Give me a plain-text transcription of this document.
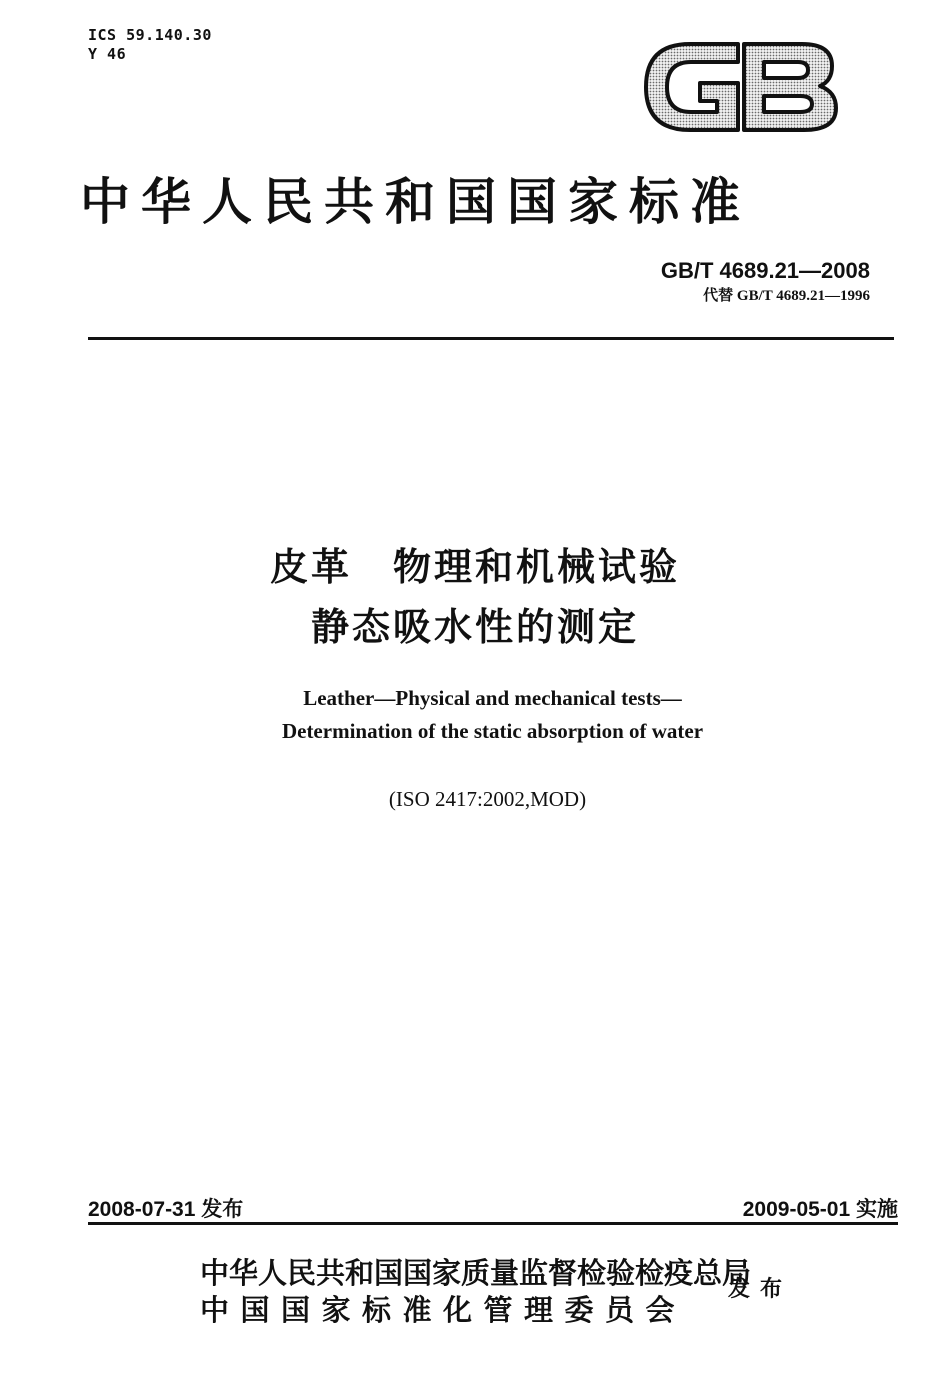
ICS 59.140.30
Y 46
中华人民共和国国家标准
GB/T 4689.21—2008
代替 GB/T 4689.21—1996
皮革　物理和机械试验
静态吸水性的测定
Leather—Physical and mechanical tests—
Determination of the static absorption of water
(ISO 2417:2002,MOD)
2008-07-31 发布	2009-05-01 实施
中华人民共和国国家质量监督检验检疫总局
中国国家标准化管理委员会
发布
